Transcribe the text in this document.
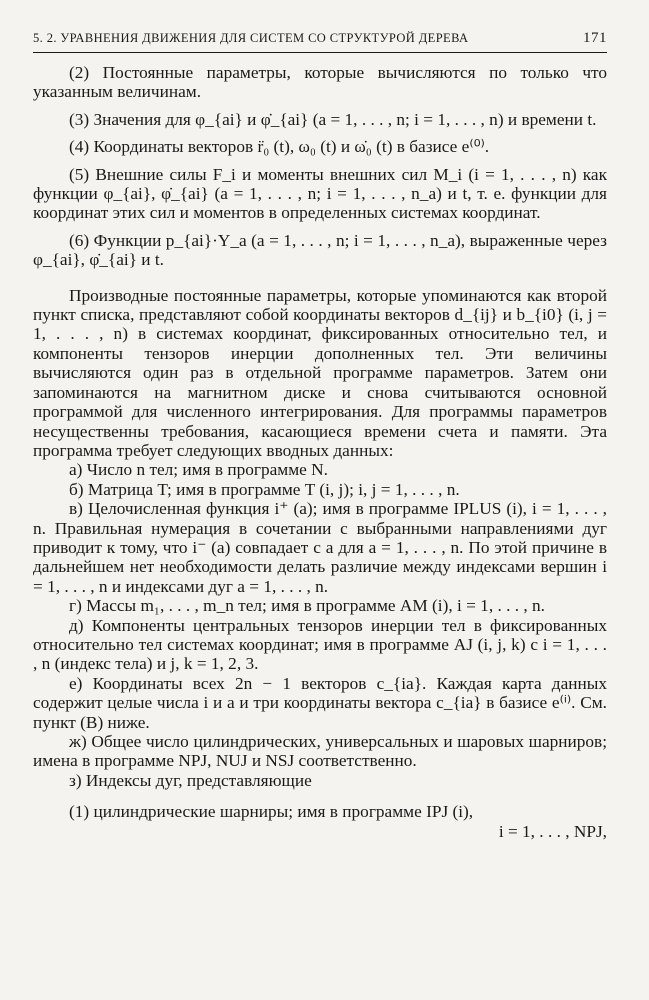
5. 2. УРАВНЕНИЯ ДВИЖЕНИЯ ДЛЯ СИСТЕМ СО СТРУКТУРОЙ ДЕРЕВА	171

(2) Постоянные параметры, которые вычисляются по только что указанным величинам.

(3) Значения для φ_{ai} и φ̇_{ai} (a = 1, . . . , n; i = 1, . . . , n) и времени t.

(4) Координаты векторов r̈₀ (t), ω₀ (t) и ω̇₀ (t) в базисе e⁽⁰⁾.

(5) Внешние силы F_i и моменты внешних сил M_i (i = 1, . . . , n) как функции φ_{ai}, φ̇_{ai} (a = 1, . . . , n; i = 1, . . . , n_a) и t, т. е. функции для координат этих сил и моментов в определенных системах координат.

(6) Функции p_{ai}·Y_a (a = 1, . . . , n; i = 1, . . . , n_a), выраженные через φ_{ai}, φ̇_{ai} и t.

Производные постоянные параметры, которые упоминаются как второй пункт списка, представляют собой координаты векторов d_{ij} и b_{i0} (i, j = 1, . . . , n) в системах координат, фиксированных относительно тел, и компоненты тензоров инерции дополненных тел. Эти величины вычисляются один раз в отдельной программе параметров. Затем они запоминаются на магнитном диске и снова считываются основной программой для численного интегрирования. Для программы параметров несущественны требования, касающиеся времени счета и памяти. Эта программа требует следующих вводных данных:

а) Число n тел; имя в программе N.

б) Матрица T; имя в программе T (i, j); i, j = 1, . . . , n.

в) Целочисленная функция i⁺ (a); имя в программе IPLUS (i), i = 1, . . . , n. Правильная нумерация в сочетании с выбранными направлениями дуг приводит к тому, что i⁻ (a) совпадает с a для a = 1, . . . , n. По этой причине в дальнейшем нет необходимости делать различие между индексами вершин i = 1, . . . , n и индексами дуг a = 1, . . . , n.

г) Массы m₁, . . . , m_n тел; имя в программе AM (i), i = 1, . . . , n.

д) Компоненты центральных тензоров инерции тел в фиксированных относительно тел системах координат; имя в программе AJ (i, j, k) с i = 1, . . . , n (индекс тела) и j, k = 1, 2, 3.

е) Координаты всех 2n − 1 векторов c_{ia}. Каждая карта данных содержит целые числа i и a и три координаты вектора c_{ia} в базисе e⁽ⁱ⁾. См. пункт (В) ниже.

ж) Общее число цилиндрических, универсальных и шаровых шарниров; имена в программе NPJ, NUJ и NSJ соответственно.

з) Индексы дуг, представляющие

(1) цилиндрические шарниры; имя в программе IPJ (i),

i = 1, . . . , NPJ,
